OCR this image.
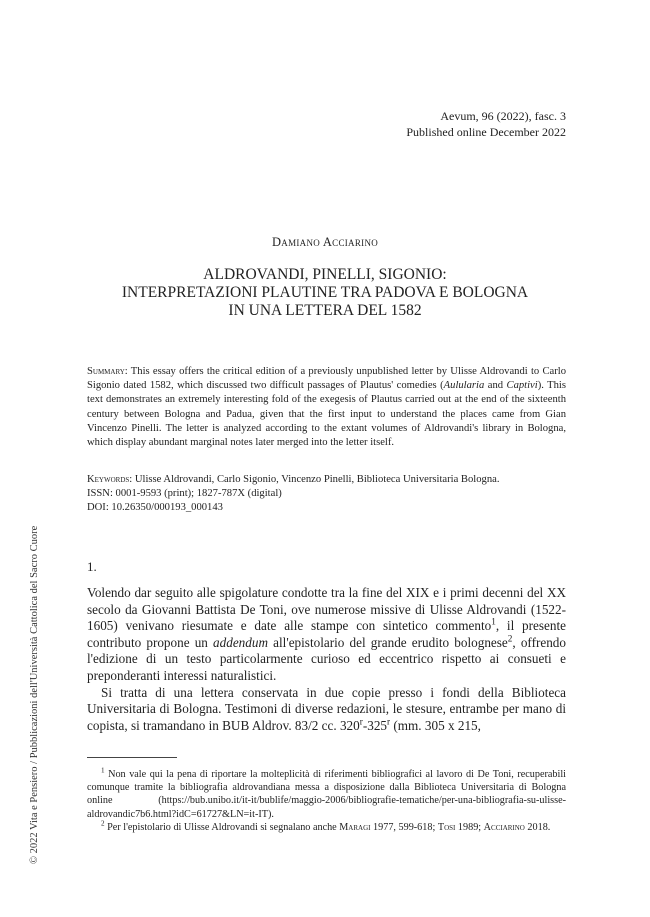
Aevum, 96 (2022), fasc. 3
Published online December 2022
Damiano Acciarino
ALDROVANDI, PINELLI, SIGONIO:
INTERPRETAZIONI PLAUTINE TRA PADOVA E BOLOGNA
IN UNA LETTERA DEL 1582
Summary: This essay offers the critical edition of a previously unpublished letter by Ulisse Aldrovandi to Carlo Sigonio dated 1582, which discussed two difficult passages of Plautus' comedies (Aulularia and Captivi). This text demonstrates an extremely interesting fold of the exegesis of Plautus carried out at the end of the sixteenth century between Bologna and Padua, given that the first input to understand the places came from Gian Vincenzo Pinelli. The letter is analyzed according to the extant volumes of Aldrovandi's library in Bologna, which display abundant marginal notes later merged into the letter itself.
Keywords: Ulisse Aldrovandi, Carlo Sigonio, Vincenzo Pinelli, Biblioteca Universitaria Bologna.
ISSN: 0001-9593 (print); 1827-787X (digital)
DOI: 10.26350/000193_000143
1.

Volendo dar seguito alle spigolature condotte tra la fine del XIX e i primi decenni del XX secolo da Giovanni Battista De Toni, ove numerose missive di Ulisse Aldrovandi (1522-1605) venivano riesumate e date alle stampe con sintetico commento$^1$, il presente contributo propone un addendum all'epistolario del grande erudito bolognese$^2$, offrendo l'edizione di un testo particolarmente curioso ed eccentrico rispetto ai consueti e preponderanti interessi naturalistici.

Si tratta di una lettera conservata in due copie presso i fondi della Biblioteca Universitaria di Bologna. Testimoni di diverse redazioni, le stesure, entrambe per mano di copista, si tramandano in BUB Aldrov. 83/2 cc. 320$^r$-325$^r$ (mm. 305 x 215,

$^1$ Non vale qui la pena di riportare la molteplicità di riferimenti bibliografici al lavoro di De Toni, recuperabili comunque tramite la bibliografia aldrovandiana messa a disposizione dalla Biblioteca Universitaria di Bologna online (https://bub.unibo.it/it-it/bublife/maggio-2006/bibliografie-tematiche/per-una-bibliografia-su-ulisse-aldrovandic7b6.html?idC=61727&LN=it-IT).

$^2$ Per l'epistolario di Ulisse Aldrovandi si segnalano anche Maragi 1977, 599-618; Tosi 1989; Acciarino 2018.

© 2022 Vita e Pensiero / Pubblicazioni dell'Università Cattolica del Sacro Cuore
